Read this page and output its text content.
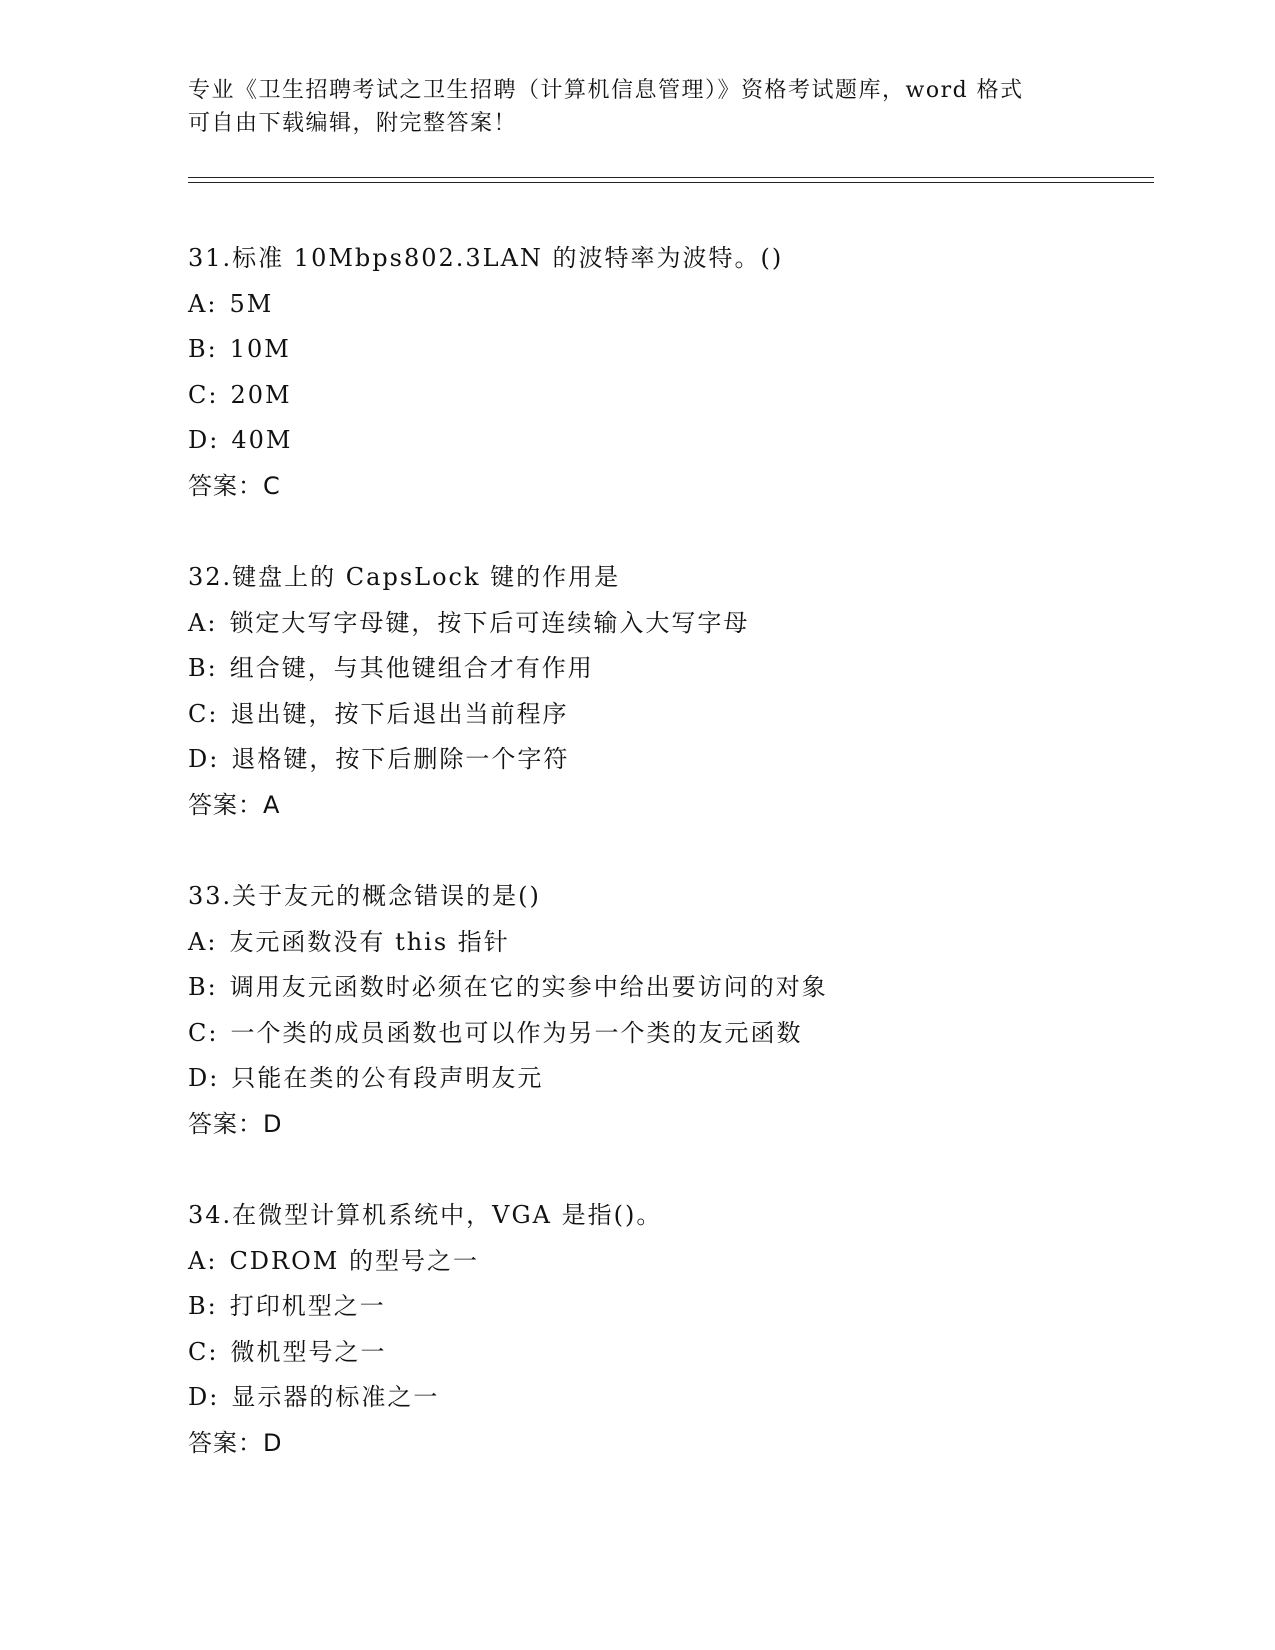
专业《卫生招聘考试之卫生招聘（计算机信息管理）》资格考试题库，word 格式
可自由下载编辑，附完整答案！
31.标准 10Mbps802.3LAN 的波特率为波特。()
A: 5M
B: 10M
C: 20M
D: 40M
答案：C
32.键盘上的 CapsLock 键的作用是
A: 锁定大写字母键，按下后可连续输入大写字母
B: 组合键，与其他键组合才有作用
C: 退出键，按下后退出当前程序
D: 退格键，按下后删除一个字符
答案：A
33.关于友元的概念错误的是()
A: 友元函数没有 this 指针
B: 调用友元函数时必须在它的实参中给出要访问的对象
C: 一个类的成员函数也可以作为另一个类的友元函数
D: 只能在类的公有段声明友元
答案：D
34.在微型计算机系统中，VGA 是指()。
A: CDROM 的型号之一
B: 打印机型之一
C: 微机型号之一
D: 显示器的标准之一
答案：D
